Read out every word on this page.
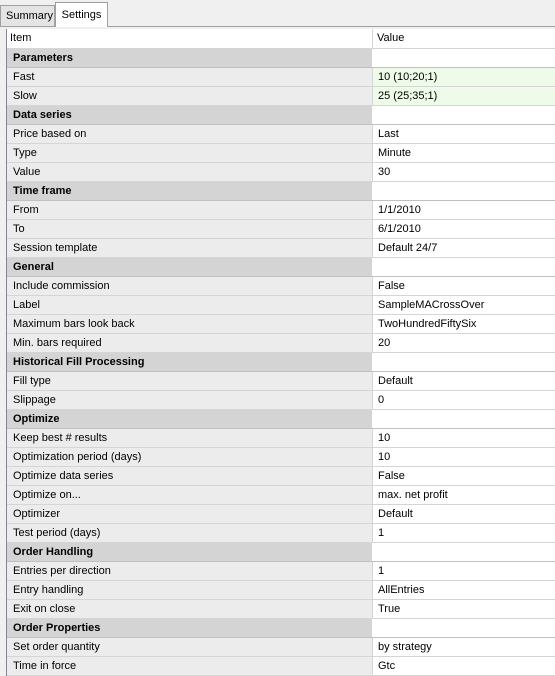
Summary Settings
Item	Value
Parameters
Fast	10 (10;20;1)
Slow	25 (25;35;1)
Data series
Price based on	Last
Type	Minute
Value	30
Time frame
From	1/1/2010
To	6/1/2010
Session template	Default 24/7
General
Include commission	False
Label	SampleMACrossOver
Maximum bars look back	TwoHundredFiftySix
Min. bars required	20
Historical Fill Processing
Fill type	Default
Slippage	0
Optimize
Keep best # results	10
Optimization period (days)	10
Optimize data series	False
Optimize on...	max. net profit
Optimizer	Default
Test period (days)	1
Order Handling
Entries per direction	1
Entry handling	AllEntries
Exit on close	True
Order Properties
Set order quantity	by strategy
Time in force	Gtc
